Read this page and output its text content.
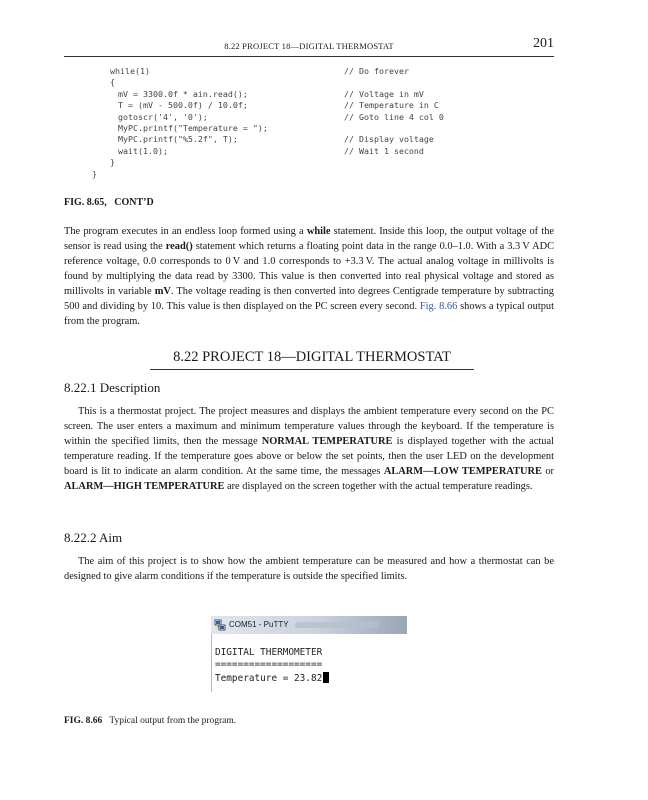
8.22 PROJECT 18—DIGITAL THERMOSTAT	201
while(1)	// Do forever
{
mV = 3300.0f * ain.read();	// Voltage in mV
T = (mV - 500.0f) / 10.0f;	// Temperature in C
gotoscr('4', '0');	// Goto line 4 col 0
MyPC.printf("Temperature = ");
MyPC.printf("%5.2f", T);	// Display voltage
wait(1.0);	// Wait 1 second
}
}
FIG. 8.65, CONT’D

The program executes in an endless loop formed using a while statement. Inside this loop, the output voltage of the sensor is read using the read() statement which returns a floating point data in the range 0.0–1.0. With a 3.3 V ADC reference voltage, 0.0 corresponds to 0 V and 1.0 corresponds to +3.3 V. The actual analog voltage in millivolts is found by multiplying the data read by 3300. This value is then converted into real physical voltage and stored as millivolts in variable mV. The voltage reading is then converted into degrees Centigrade temperature by subtracting 500 and dividing by 10. This value is then displayed on the PC screen every second. Fig. 8.66 shows a typical output from the program.

8.22 PROJECT 18—DIGITAL THERMOSTAT
8.22.1 Description

This is a thermostat project. The project measures and displays the ambient temperature every second on the PC screen. The user enters a maximum and minimum temperature values through the keyboard. If the temperature is within the specified limits, then the message NORMAL TEMPERATURE is displayed together with the actual temperature reading. If the temperature goes above or below the set points, then the user LED on the development board is lit to indicate an alarm condition. At the same time, the messages ALARM—LOW TEMPERATURE or ALARM—HIGH TEMPERATURE are displayed on the screen together with the actual temperature readings.

8.22.2 Aim

The aim of this project is to show how the ambient temperature can be measured and how a thermostat can be designed to give alarm conditions if the temperature is outside the specified limits.

COM51 - PuTTY
DIGITAL THERMOMETER
===================
Temperature = 23.82
FIG. 8.66 Typical output from the program.
